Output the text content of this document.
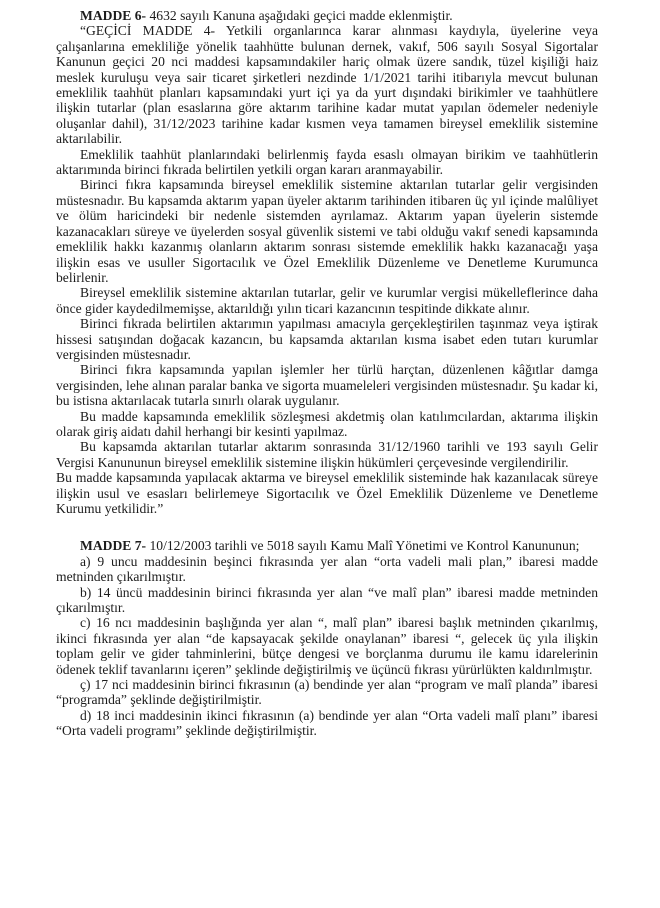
MADDE 6- 4632 sayılı Kanuna aşağıdaki geçici madde eklenmiştir.

“GEÇİCİ MADDE 4- Yetkili organlarınca karar alınması kaydıyla, üyelerine veya çalışanlarına emekliliğe yönelik taahhütte bulunan dernek, vakıf, 506 sayılı Sosyal Sigortalar Kanunun geçici 20 nci maddesi kapsamındakiler hariç olmak üzere sandık, tüzel kişiliği haiz meslek kuruluşu veya sair ticaret şirketleri nezdinde 1/1/2021 tarihi itibarıyla mevcut bulunan emeklilik taahhüt planları kapsamındaki yurt içi ya da yurt dışındaki birikimler ve taahhütlere ilişkin tutarlar (plan esaslarına göre aktarım tarihine kadar mutat yapılan ödemeler nedeniyle oluşanlar dahil), 31/12/2023 tarihine kadar kısmen veya tamamen bireysel emeklilik sistemine aktarılabilir.

Emeklilik taahhüt planlarındaki belirlenmiş fayda esaslı olmayan birikim ve taahhütlerin aktarımında birinci fıkrada belirtilen yetkili organ kararı aranmayabilir.

Birinci fıkra kapsamında bireysel emeklilik sistemine aktarılan tutarlar gelir vergisinden müstesnadır. Bu kapsamda aktarım yapan üyeler aktarım tarihinden itibaren üç yıl içinde malûliyet ve ölüm haricindeki bir nedenle sistemden ayrılamaz. Aktarım yapan üyelerin sistemde kazanacakları süreye ve üyelerden sosyal güvenlik sistemi ve tabi olduğu vakıf senedi kapsamında emeklilik hakkı kazanmış olanların aktarım sonrası sistemde emeklilik hakkı kazanacağı yaşa ilişkin esas ve usuller Sigortacılık ve Özel Emeklilik Düzenleme ve Denetleme Kurumunca belirlenir.

Bireysel emeklilik sistemine aktarılan tutarlar, gelir ve kurumlar vergisi mükelleflerince daha önce gider kaydedilmemişse, aktarıldığı yılın ticari kazancının tespitinde dikkate alınır.

Birinci fıkrada belirtilen aktarımın yapılması amacıyla gerçekleştirilen taşınmaz veya iştirak hissesi satışından doğacak kazancın, bu kapsamda aktarılan kısma isabet eden tutarı kurumlar vergisinden müstesnadır.

Birinci fıkra kapsamında yapılan işlemler her türlü harçtan, düzenlenen kâğıtlar damga vergisinden, lehe alınan paralar banka ve sigorta muameleleri vergisinden müstesnadır. Şu kadar ki, bu istisna aktarılacak tutarla sınırlı olarak uygulanır.

Bu madde kapsamında emeklilik sözleşmesi akdetmiş olan katılımcılardan, aktarıma ilişkin olarak giriş aidatı dahil herhangi bir kesinti yapılmaz.

Bu kapsamda aktarılan tutarlar aktarım sonrasında 31/12/1960 tarihli ve 193 sayılı Gelir Vergisi Kanununun bireysel emeklilik sistemine ilişkin hükümleri çerçevesinde vergilendirilir.

Bu madde kapsamında yapılacak aktarma ve bireysel emeklilik sisteminde hak kazanılacak süreye ilişkin usul ve esasları belirlemeye Sigortacılık ve Özel Emeklilik Düzenleme ve Denetleme Kurumu yetkilidir.”

MADDE 7- 10/12/2003 tarihli ve 5018 sayılı Kamu Malî Yönetimi ve Kontrol Kanununun;

a) 9 uncu maddesinin beşinci fıkrasında yer alan “orta vadeli mali plan,” ibaresi madde metninden çıkarılmıştır.

b) 14 üncü maddesinin birinci fıkrasında yer alan “ve malî plan” ibaresi madde metninden çıkarılmıştır.

c) 16 ncı maddesinin başlığında yer alan “, malî plan” ibaresi başlık metninden çıkarılmış, ikinci fıkrasında yer alan “de kapsayacak şekilde onaylanan” ibaresi “, gelecek üç yıla ilişkin toplam gelir ve gider tahminlerini, bütçe dengesi ve borçlanma durumu ile kamu idarelerinin ödenek teklif tavanlarını içeren” şeklinde değiştirilmiş ve üçüncü fıkrası yürürlükten kaldırılmıştır.

ç) 17 nci maddesinin birinci fıkrasının (a) bendinde yer alan “program ve malî planda” ibaresi “programda” şeklinde değiştirilmiştir.

d) 18 inci maddesinin ikinci fıkrasının (a) bendinde yer alan “Orta vadeli malî planı” ibaresi “Orta vadeli programı” şeklinde değiştirilmiştir.
